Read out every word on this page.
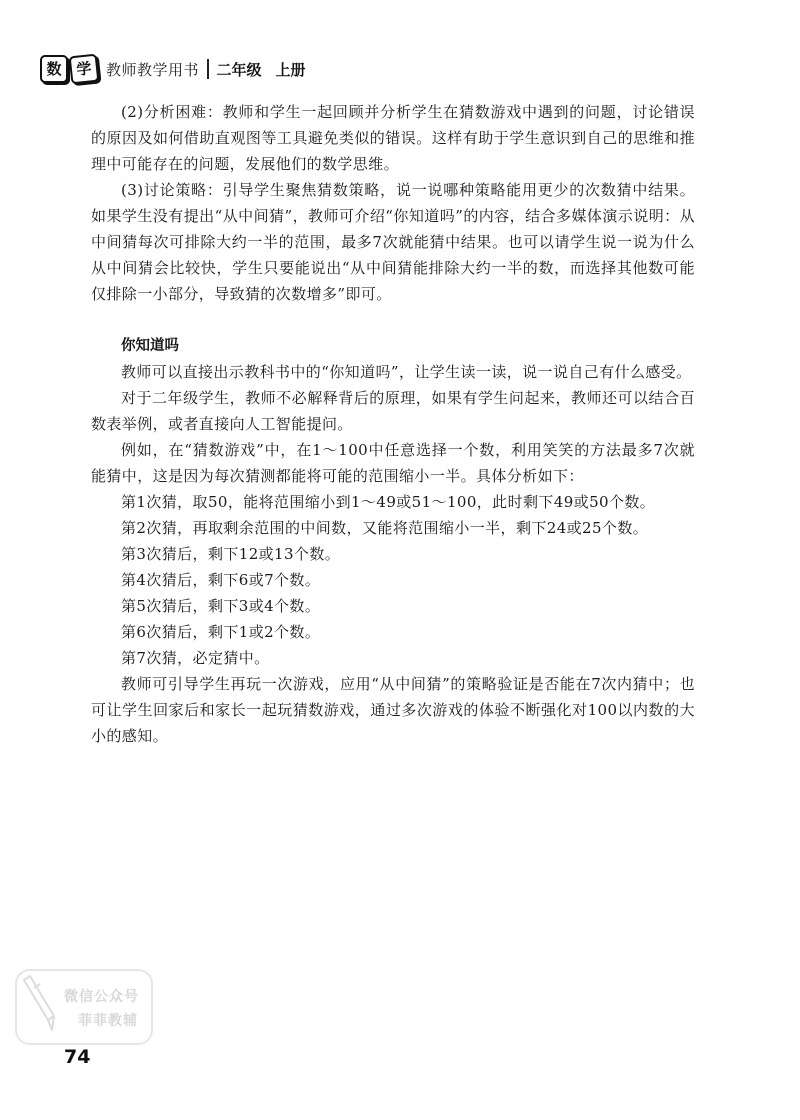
数 学 教师教学用书 二年级 上册

(2)分析困难：教师和学生一起回顾并分析学生在猜数游戏中遇到的问题，讨论错误的原因及如何借助直观图等工具避免类似的错误。这样有助于学生意识到自己的思维和推理中可能存在的问题，发展他们的数学思维。

(3)讨论策略：引导学生聚焦猜数策略，说一说哪种策略能用更少的次数猜中结果。如果学生没有提出“从中间猜”，教师可介绍“你知道吗”的内容，结合多媒体演示说明：从中间猜每次可排除大约一半的范围，最多7次就能猜中结果。也可以请学生说一说为什么从中间猜会比较快，学生只要能说出“从中间猜能排除大约一半的数，而选择其他数可能仅排除一小部分，导致猜的次数增多”即可。

你知道吗

教师可以直接出示教科书中的“你知道吗”，让学生读一读，说一说自己有什么感受。

对于二年级学生，教师不必解释背后的原理，如果有学生问起来，教师还可以结合百数表举例，或者直接向人工智能提问。

例如，在“猜数游戏”中，在1～100中任意选择一个数，利用笑笑的方法最多7次就能猜中，这是因为每次猜测都能将可能的范围缩小一半。具体分析如下：

第1次猜，取50，能将范围缩小到1～49或51～100，此时剩下49或50个数。

第2次猜，再取剩余范围的中间数，又能将范围缩小一半，剩下24或25个数。

第3次猜后，剩下12或13个数。

第4次猜后，剩下6或7个数。

第5次猜后，剩下3或4个数。

第6次猜后，剩下1或2个数。

第7次猜，必定猜中。

教师可引导学生再玩一次游戏，应用“从中间猜”的策略验证是否能在7次内猜中；也可让学生回家后和家长一起玩猜数游戏，通过多次游戏的体验不断强化对100以内数的大小的感知。

微信公众号
菲菲教辅
74
